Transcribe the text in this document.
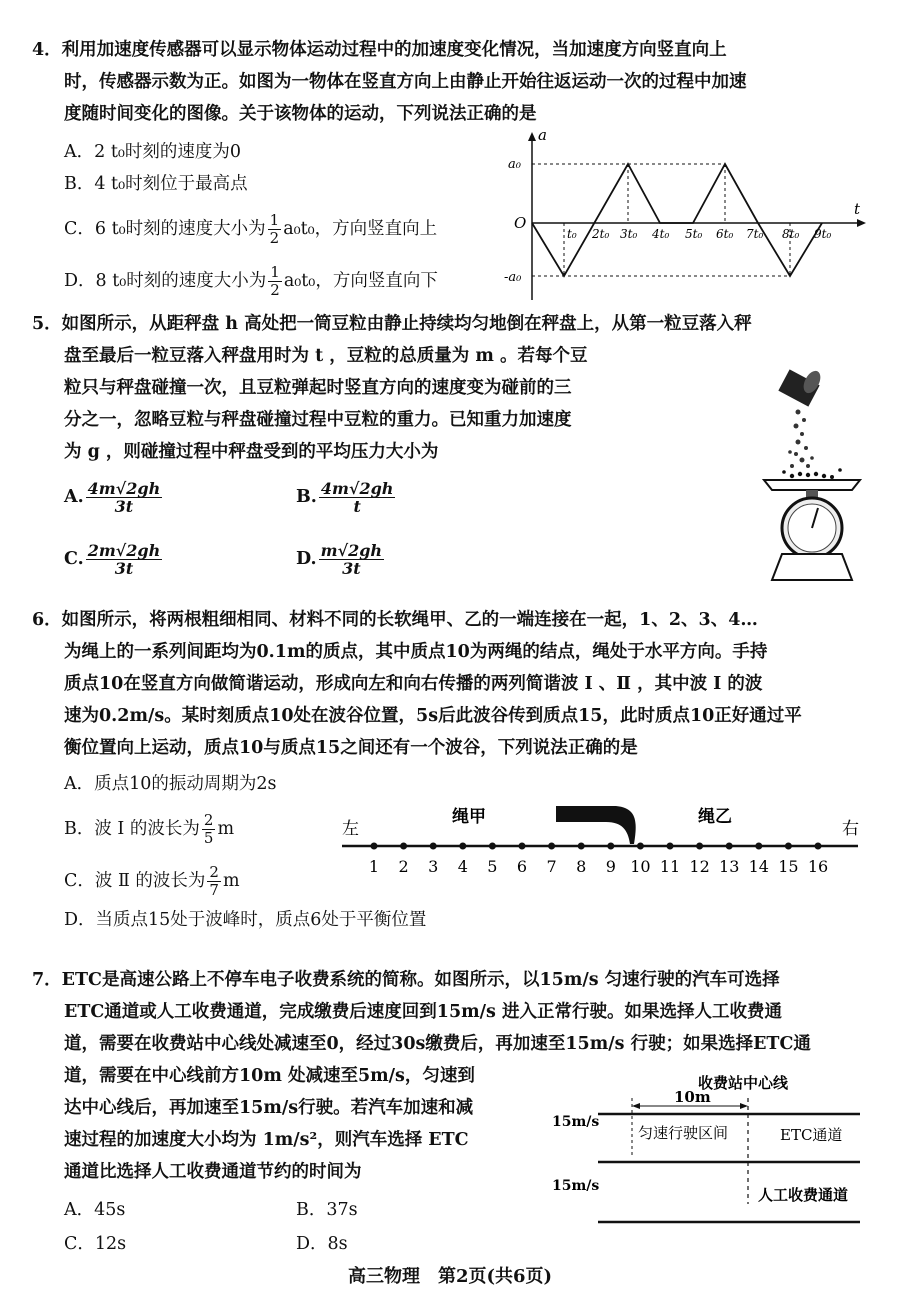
4．利用加速度传感器可以显示物体运动过程中的加速度变化情况，当加速度方向竖直向上
时，传感器示数为正。如图为一物体在竖直方向上由静止开始往返运动一次的过程中加速
度随时间变化的图像。关于该物体的运动，下列说法正确的是
A．2 t₀时刻的速度为0
B．4 t₀时刻位于最高点
C．6 t₀时刻的速度大小为 $\frac{1}{2} a_0t_0$，方向竖直向上
D．8 t₀时刻的速度大小为 $\frac{1}{2} a_0t_0$，方向竖直向下
a
t
O
a₀
-a₀
t₀ 2t₀ 3t₀ 4t₀ 5t₀ 6t₀ 7t₀ 8t₀ 9t₀
5．如图所示，从距秤盘 h 高处把一筒豆粒由静止持续均匀地倒在秤盘上，从第一粒豆落入秤
盘至最后一粒豆落入秤盘用时为 t ，豆粒的总质量为 m 。若每个豆
粒只与秤盘碰撞一次，且豆粒弹起时竖直方向的速度变为碰前的三
分之一，忽略豆粒与秤盘碰撞过程中豆粒的重力。已知重力加速度
为 g ，则碰撞过程中秤盘受到的平均压力大小为
A. $\frac{4m√2gh}{3t}$	B. $\frac{4m√2gh}{t}$
C. $\frac{2m√2gh}{3t}$	D. $\frac{m√2gh}{3t}$
6．如图所示，将两根粗细相同、材料不同的长软绳甲、乙的一端连接在一起，1、2、3、4…
为绳上的一系列间距均为0.1m的质点，其中质点10为两绳的结点，绳处于水平方向。手持
质点10在竖直方向做简谐运动，形成向左和向右传播的两列简谐波 Ⅰ 、Ⅱ ，其中波 Ⅰ 的波
速为0.2m/s。某时刻质点10处在波谷位置，5s后此波谷传到质点15，此时质点10正好通过平
衡位置向上运动，质点10与质点15之间还有一个波谷，下列说法正确的是
A．质点10的振动周期为2s
B．波 Ⅰ 的波长为 $\frac{2}{5}$ m
C．波 Ⅱ 的波长为 $\frac{2}{7}$ m
D．当质点15处于波峰时，质点6处于平衡位置
左	右
绳甲	绳乙
1 2 3 4 5 6 7 8 9 10 11 12 13 14 15 16
7．ETC是高速公路上不停车电子收费系统的简称。如图所示，以15m/s 匀速行驶的汽车可选择
ETC通道或人工收费通道，完成缴费后速度回到15m/s 进入正常行驶。如果选择人工收费通
道，需要在收费站中心线处减速至0，经过30s缴费后，再加速至15m/s 行驶；如果选择ETC通
道，需要在中心线前方10m 处减速至5m/s，匀速到
达中心线后，再加速至15m/s行驶。若汽车加速和减
速过程的加速度大小均为 1m/s²，则汽车选择 ETC
通道比选择人工收费通道节约的时间为
A．45s	B．37s
C．12s	D．8s
收费站中心线
10m
15m/s
15m/s
匀速行驶区间	ETC通道
人工收费通道
高三物理　第2页(共6页)
